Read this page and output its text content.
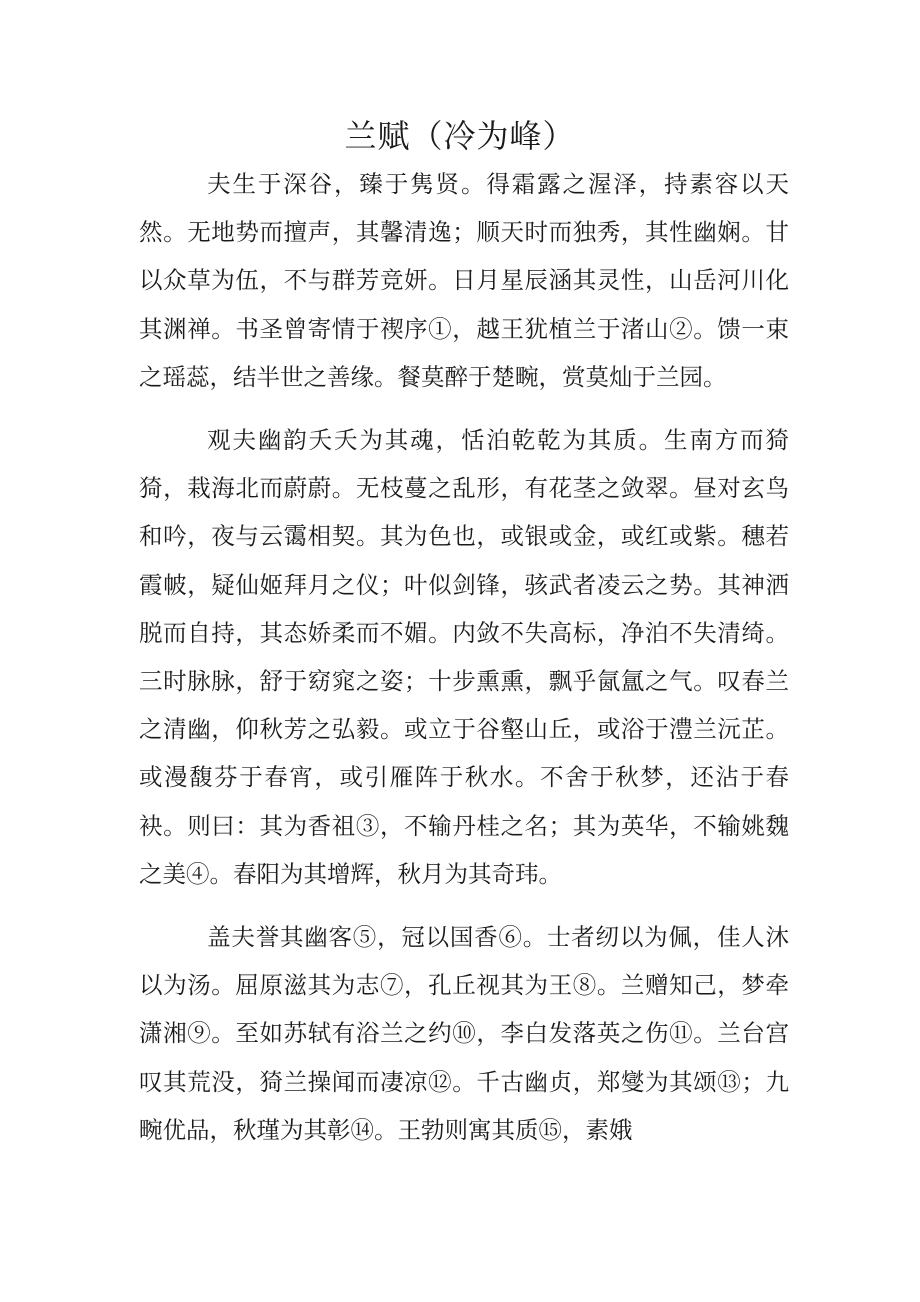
兰赋（冷为峰）

夫生于深谷，臻于隽贤。得霜露之渥泽，持素容以天然。无地势而擅声，其馨清逸；顺天时而独秀，其性幽娴。甘以众草为伍，不与群芳竞妍。日月星辰涵其灵性，山岳河川化其渊禅。书圣曾寄情于禊序①，越王犹植兰于渚山②。馈一束之瑶蕊，结半世之善缘。餐莫醉于楚畹，赏莫灿于兰园。

观夫幽韵夭夭为其魂，恬泊乾乾为其质。生南方而猗猗，栽海北而蔚蔚。无枝蔓之乱形，有花茎之敛翠。昼对玄鸟和吟，夜与云霭相契。其为色也，或银或金，或红或紫。穗若霞帔，疑仙姬拜月之仪；叶似剑锋，骇武者凌云之势。其神洒脱而自持，其态娇柔而不媚。内敛不失高标，净泊不失清绮。三时脉脉，舒于窈窕之姿；十步熏熏，飘乎氤氲之气。叹春兰之清幽，仰秋芳之弘毅。或立于谷壑山丘，或浴于澧兰沅芷。或漫馥芬于春宵，或引雁阵于秋水。不舍于秋梦，还沾于春袂。则曰：其为香祖③，不输丹桂之名；其为英华，不输姚魏之美④。春阳为其增辉，秋月为其奇玮。

盖夫誉其幽客⑤，冠以国香⑥。士者纫以为佩，佳人沐以为汤。屈原滋其为志⑦，孔丘视其为王⑧。兰赠知己，梦牵潇湘⑨。至如苏轼有浴兰之约⑩，李白发落英之伤⑪。兰台宫叹其荒没，猗兰操闻而凄凉⑫。千古幽贞，郑燮为其颂⑬；九畹优品，秋瑾为其彰⑭。王勃则寓其质⑮，素娥
